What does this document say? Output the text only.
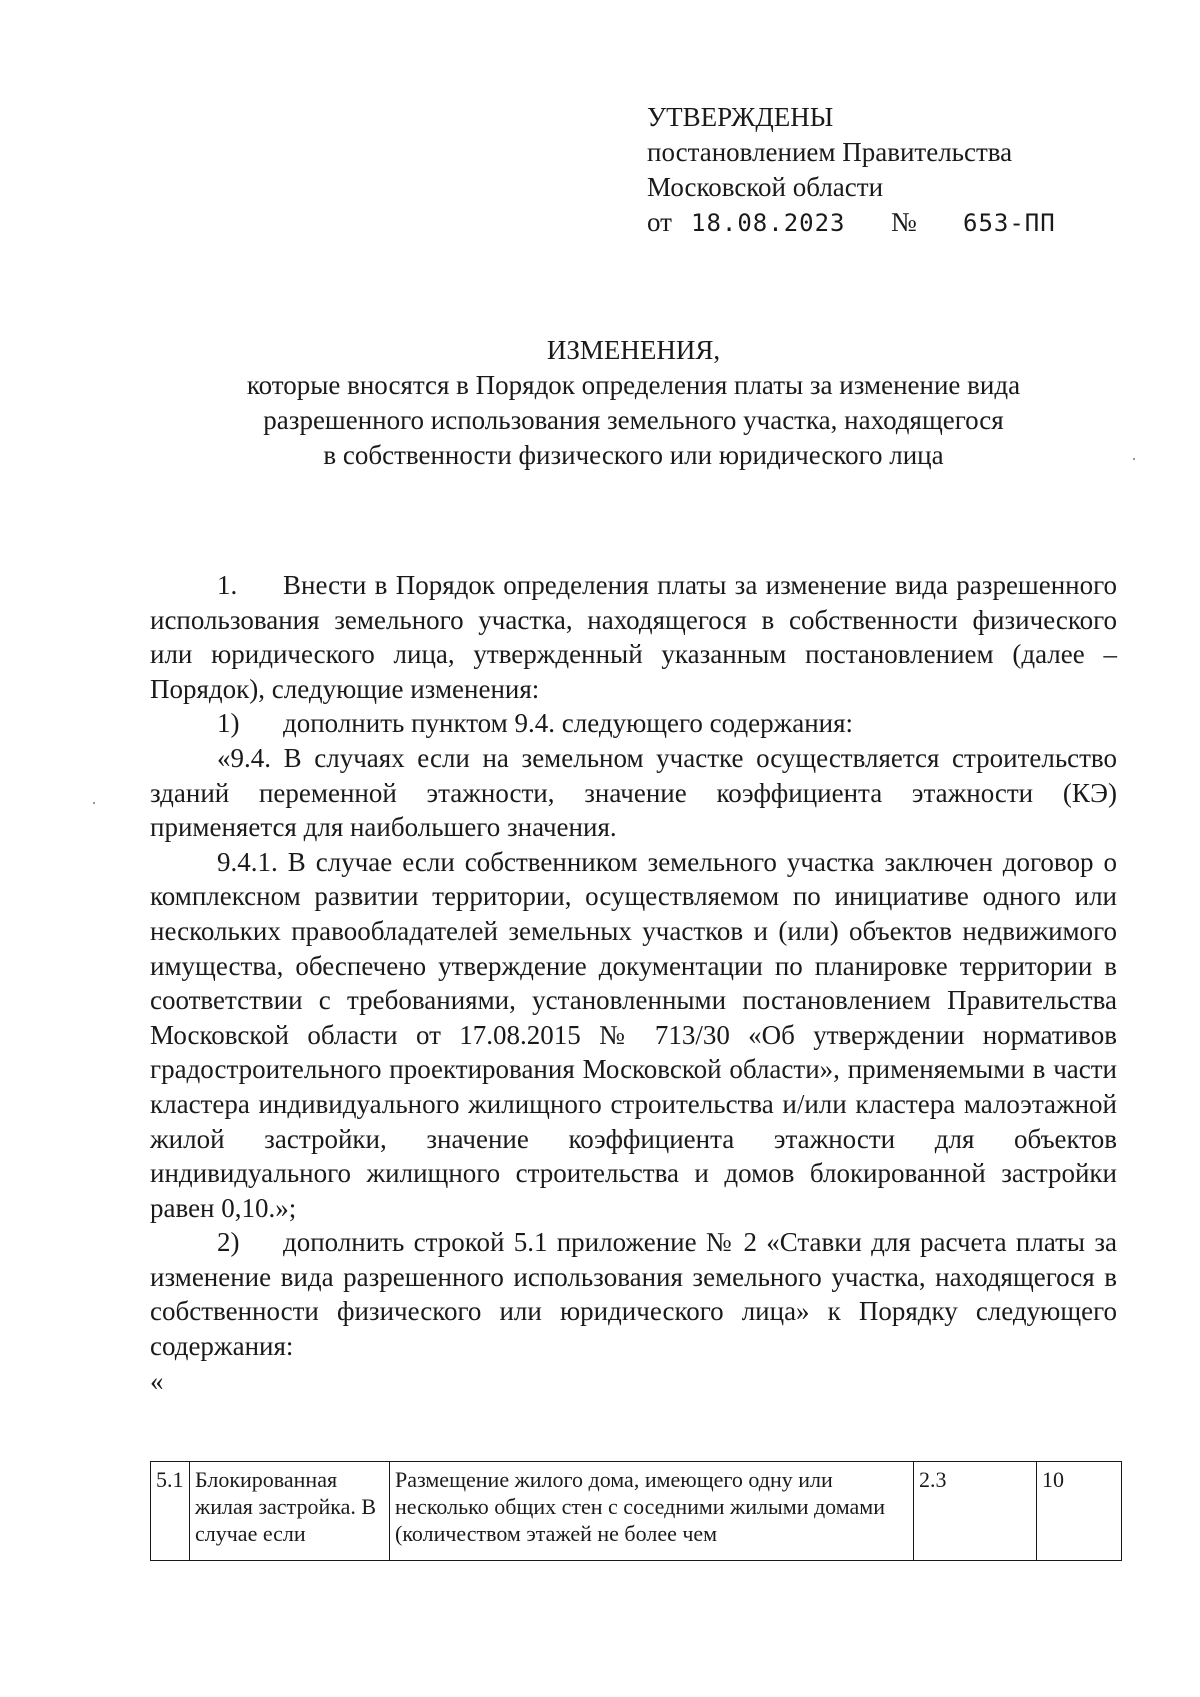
УТВЕРЖДЕНЫ
постановлением Правительства
Московской области
от 18.08.2023 № 653-ПП
ИЗМЕНЕНИЯ,
которые вносятся в Порядок определения платы за изменение вида
разрешенного использования земельного участка, находящегося
в собственности физического или юридического лица

1. Внести в Порядок определения платы за изменение вида разрешенного использования земельного участка, находящегося в собственности физического или юридического лица, утвержденный указанным постановлением (далее – Порядок), следующие изменения:

1) дополнить пунктом 9.4. следующего содержания:

«9.4. В случаях если на земельном участке осуществляется строительство зданий переменной этажности, значение коэффициента этажности (КЭ) применяется для наибольшего значения.

9.4.1. В случае если собственником земельного участка заключен договор о комплексном развитии территории, осуществляемом по инициативе одного или нескольких правообладателей земельных участков и (или) объектов недвижимого имущества, обеспечено утверждение документации по планировке территории в соответствии с требованиями, установленными постановлением Правительства Московской области от 17.08.2015 № 713/30 «Об утверждении нормативов градостроительного проектирования Московской области», применяемыми в части кластера индивидуального жилищного строительства и/или кластера малоэтажной жилой застройки, значение коэффициента этажности для объектов индивидуального жилищного строительства и домов блокированной застройки равен 0,10.»;

2) дополнить строкой 5.1 приложение № 2 «Ставки для расчета платы за изменение вида разрешенного использования земельного участка, находящегося в собственности физического или юридического лица» к Порядку следующего содержания:

«

5.1	Блокированная жилая застройка. В случае если	Размещение жилого дома, имеющего одну или несколько общих стен с соседними жилыми домами (количеством этажей не более чем	2.3	10
